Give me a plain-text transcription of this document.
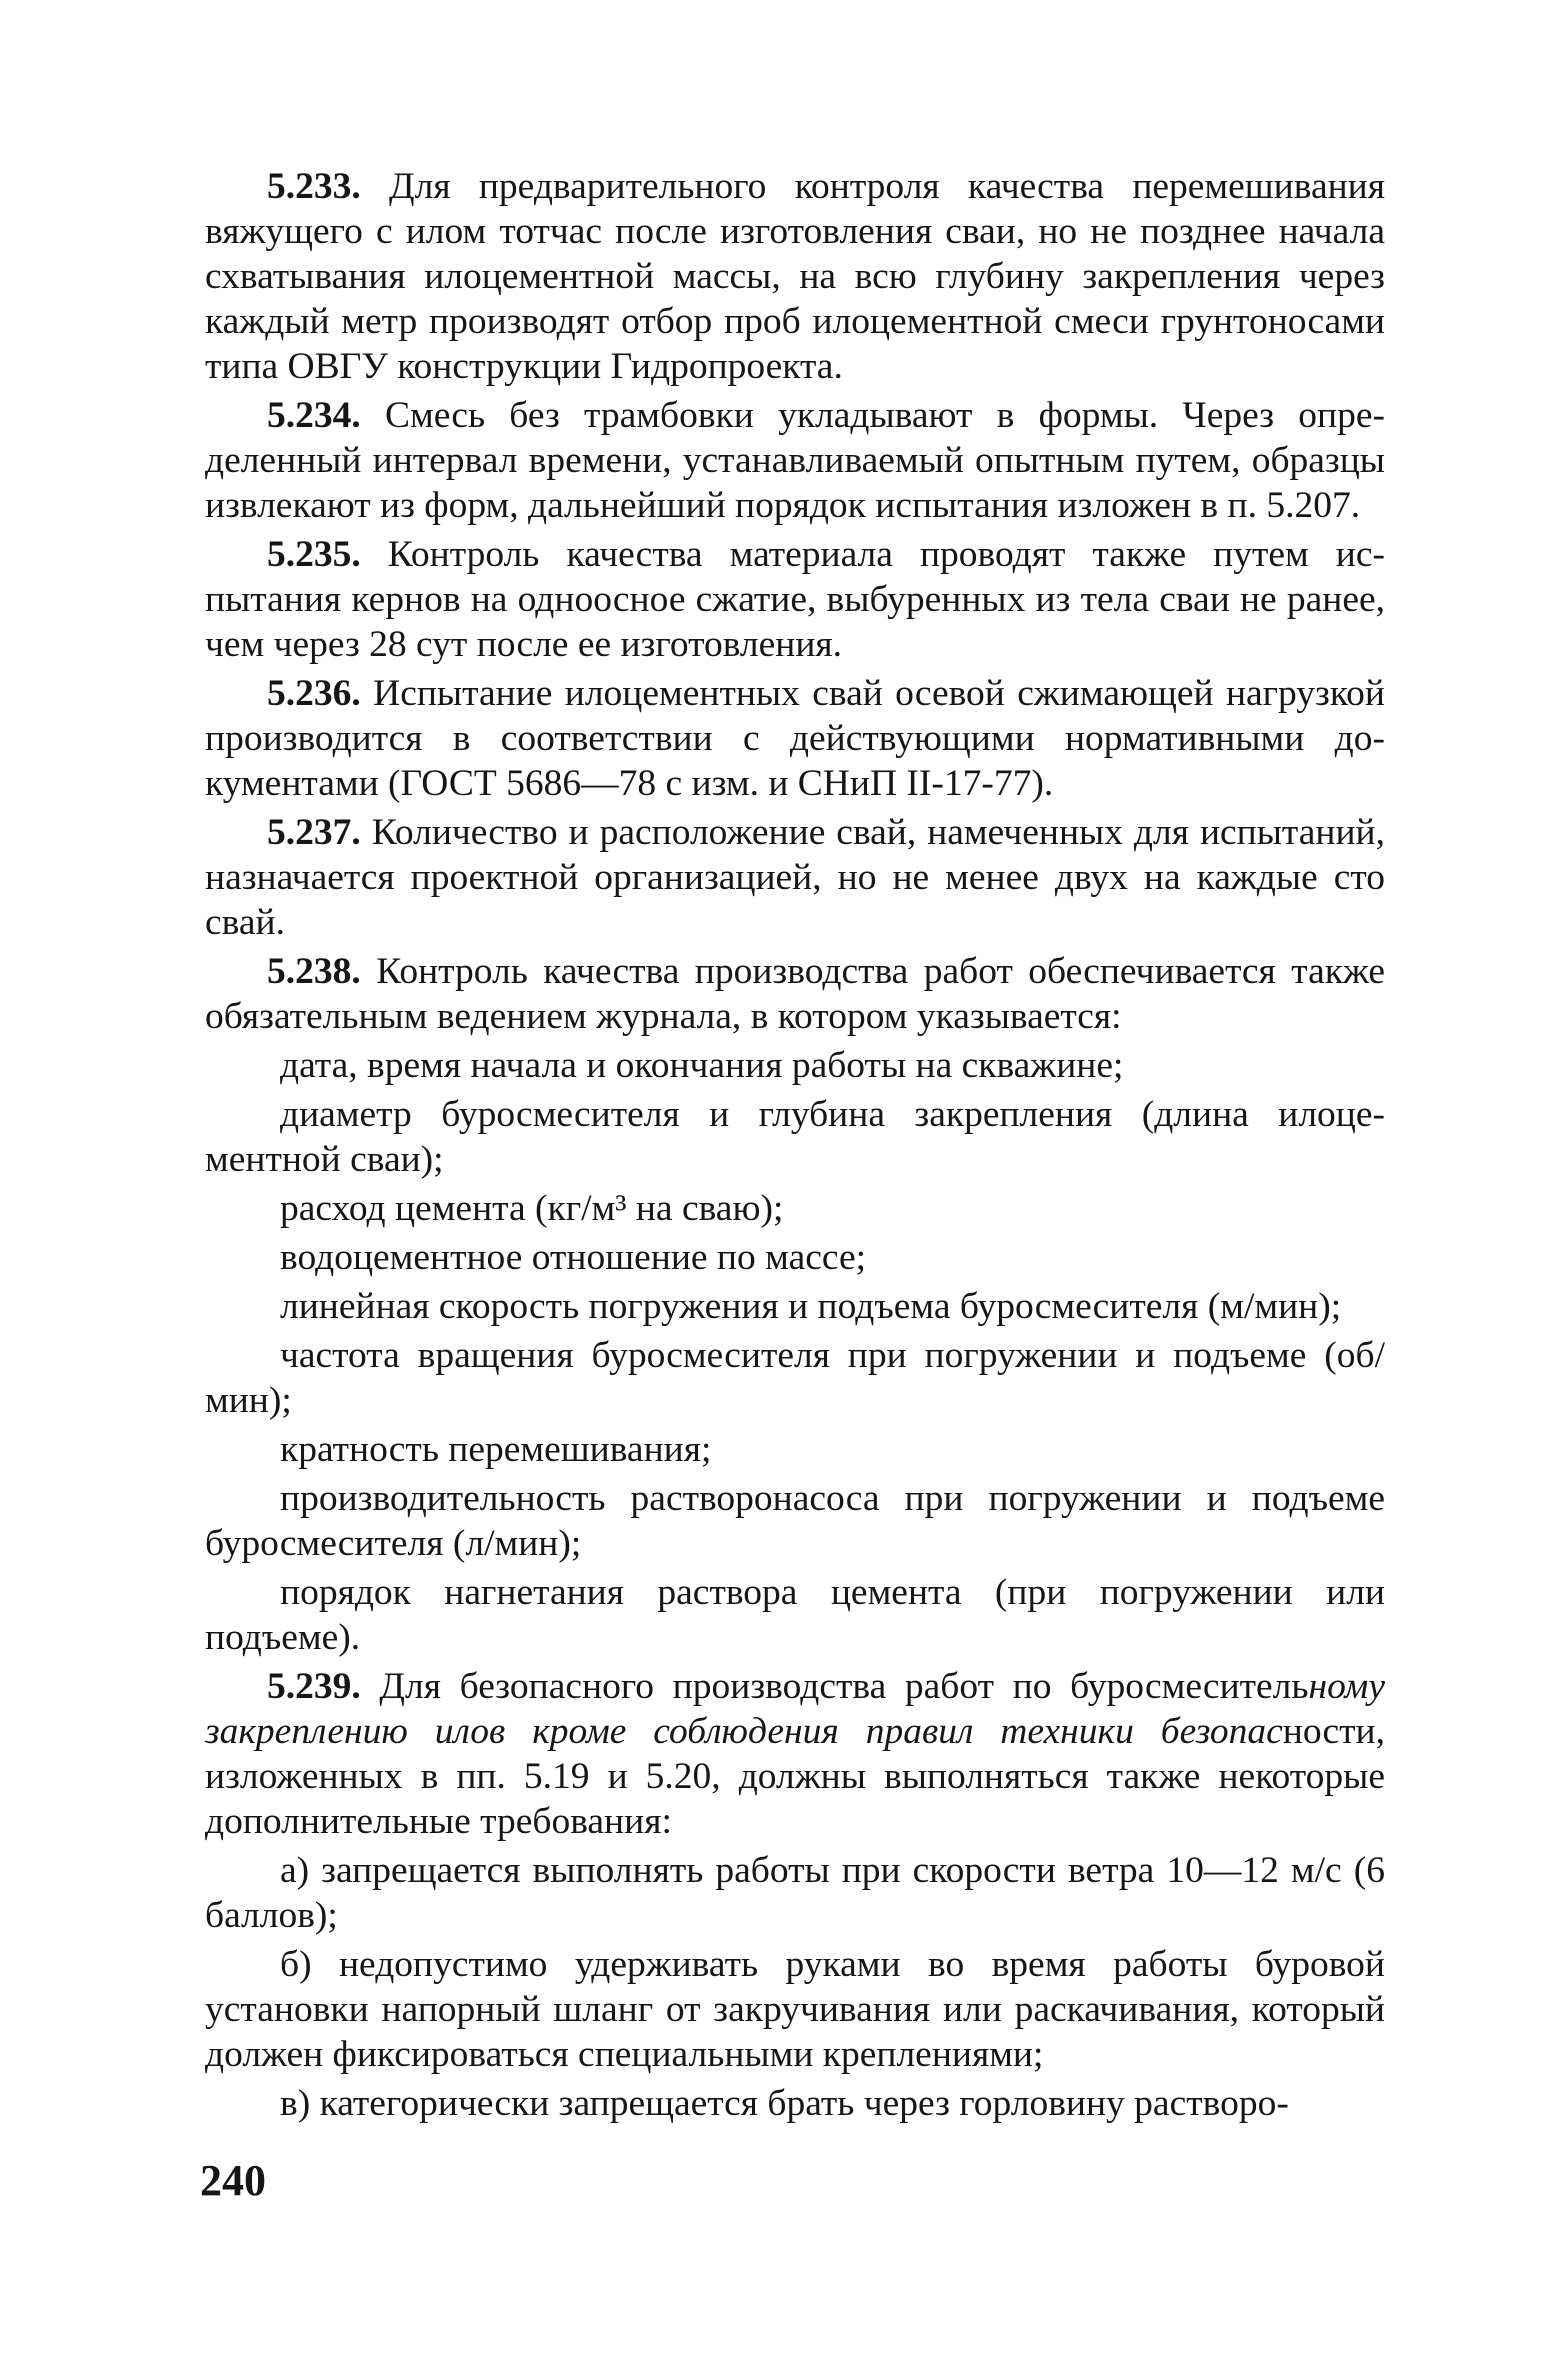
5.233. Для предварительного контроля качества перемешивания вяжущего с илом тотчас после изготовления сваи, но не позднее начала схватывания илоцементной массы, на всю глубину закрепления через каждый метр производят отбор проб илоцементной смеси грунтоносами типа ОВГУ конструкции Гидропроекта.

5.234. Смесь без трамбовки укладывают в формы. Через определенный интервал времени, устанавливаемый опытным путем, образцы извлекают из форм, дальнейший порядок испытания изложен в п. 5.207.

5.235. Контроль качества материала проводят также путем испытания кернов на одноосное сжатие, выбуренных из тела сваи не ранее, чем через 28 сут после ее изготовления.

5.236. Испытание илоцементных свай осевой сжимающей нагрузкой производится в соответствии с действующими нормативными документами (ГОСТ 5686—78 с изм. и СНиП II-17-77).

5.237. Количество и расположение свай, намеченных для испытаний, назначается проектной организацией, но не менее двух на каждые сто свай.

5.238. Контроль качества производства работ обеспечивается также обязательным ведением журнала, в котором указывается:

дата, время начала и окончания работы на скважине;

диаметр буросмесителя и глубина закрепления (длина илоцементной сваи);

расход цемента (кг/м³ на сваю);

водоцементное отношение по массе;

линейная скорость погружения и подъема буросмесителя (м/мин);

частота вращения буросмесителя при погружении и подъеме (об/мин);

кратность перемешивания;

производительность растворонасоса при погружении и подъеме буросмесителя (л/мин);

порядок нагнетания раствора цемента (при погружении или подъеме).

5.239. Для безопасного производства работ по буросмесительному закреплению илов кроме соблюдения правил техники безопасности, изложенных в пп. 5.19 и 5.20, должны выполняться также некоторые дополнительные требования:

а) запрещается выполнять работы при скорости ветра 10—12 м/с (6 баллов);

б) недопустимо удерживать руками во время работы буровой установки напорный шланг от закручивания или раскачивания, который должен фиксироваться специальными креплениями;

в) категорически запрещается брать через горловину растворо-

240
